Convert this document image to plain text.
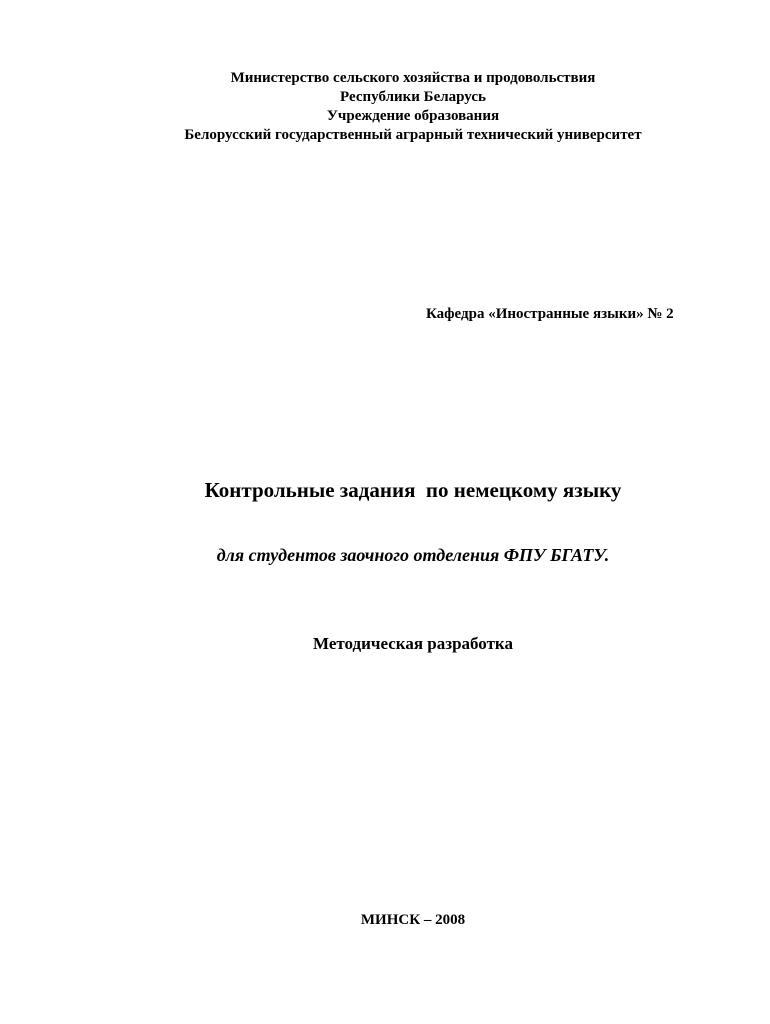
Министерство сельского хозяйства и продовольствия
Республики Беларусь
Учреждение образования
Белорусский государственный аграрный технический университет
Кафедра «Иностранные языки» № 2
Контрольные задания  по немецкому языку
для студентов заочного отделения ФПУ БГАТУ.
Методическая разработка
МИНСК – 2008
